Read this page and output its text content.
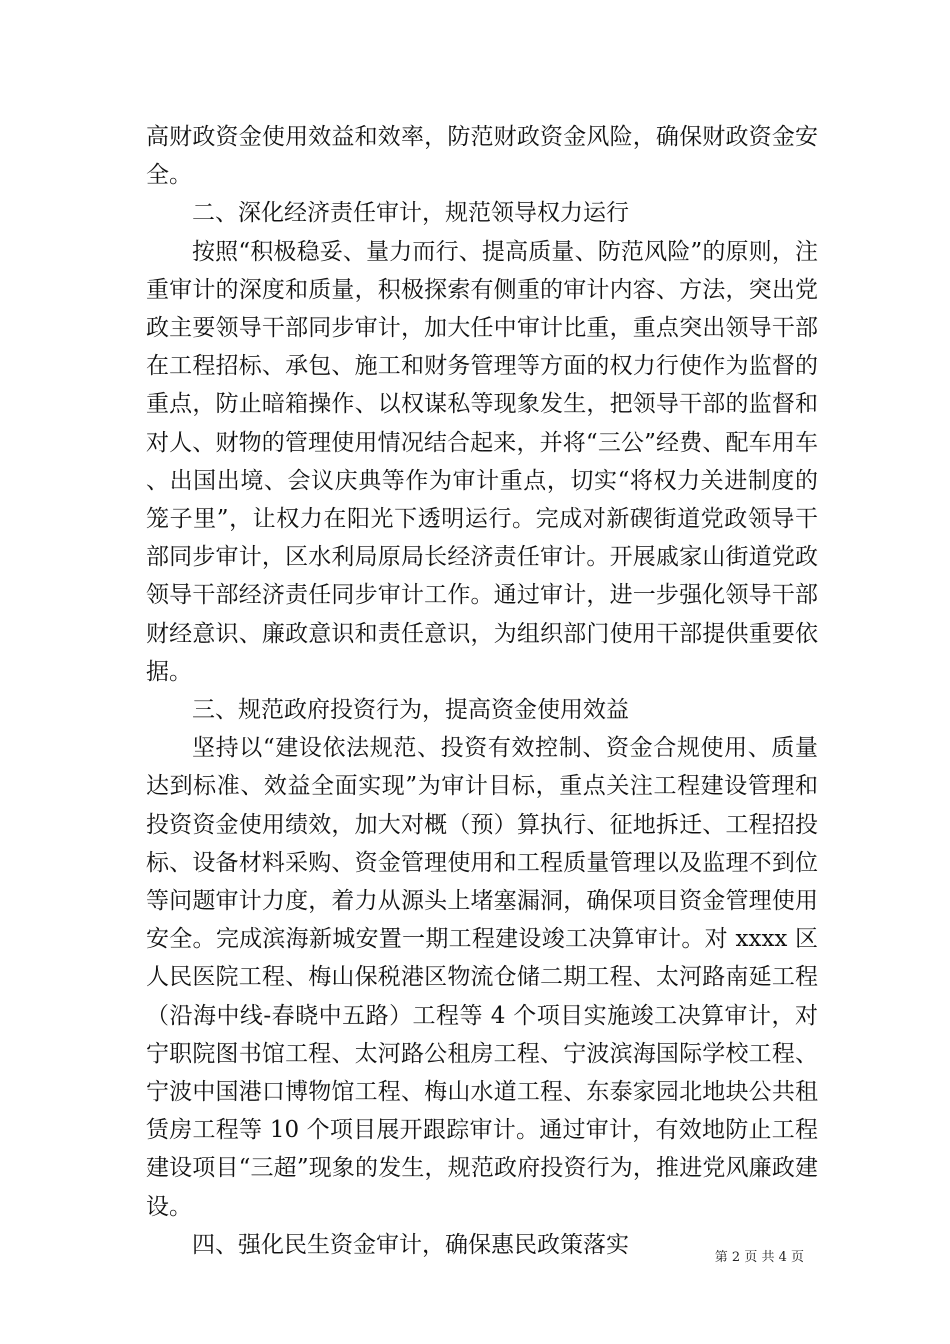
高财政资金使用效益和效率，防范财政资金风险，确保财政资金安全。

二、深化经济责任审计，规范领导权力运行

按照“积极稳妥、量力而行、提高质量、防范风险”的原则，注重审计的深度和质量，积极探索有侧重的审计内容、方法，突出党政主要领导干部同步审计，加大任中审计比重，重点突出领导干部在工程招标、承包、施工和财务管理等方面的权力行使作为监督的重点，防止暗箱操作、以权谋私等现象发生，把领导干部的监督和对人、财物的管理使用情况结合起来，并将“三公”经费、配车用车、出国出境、会议庆典等作为审计重点，切实“将权力关进制度的笼子里”，让权力在阳光下透明运行。完成对新碶街道党政领导干部同步审计，区水利局原局长经济责任审计。开展戚家山街道党政领导干部经济责任同步审计工作。通过审计，进一步强化领导干部财经意识、廉政意识和责任意识，为组织部门使用干部提供重要依据。

三、规范政府投资行为，提高资金使用效益

坚持以“建设依法规范、投资有效控制、资金合规使用、质量达到标准、效益全面实现”为审计目标，重点关注工程建设管理和投资资金使用绩效，加大对概（预）算执行、征地拆迁、工程招投标、设备材料采购、资金管理使用和工程质量管理以及监理不到位等问题审计力度，着力从源头上堵塞漏洞，确保项目资金管理使用安全。完成滨海新城安置一期工程建设竣工决算审计。对 xxxx 区人民医院工程、梅山保税港区物流仓储二期工程、太河路南延工程（沿海中线-春晓中五路）工程等 4 个项目实施竣工决算审计，对宁职院图书馆工程、太河路公租房工程、宁波滨海国际学校工程、宁波中国港口博物馆工程、梅山水道工程、东泰家园北地块公共租赁房工程等 10 个项目展开跟踪审计。通过审计，有效地防止工程建设项目“三超”现象的发生，规范政府投资行为，推进党风廉政建设。

四、强化民生资金审计，确保惠民政策落实	第 2 页 共 4 页
